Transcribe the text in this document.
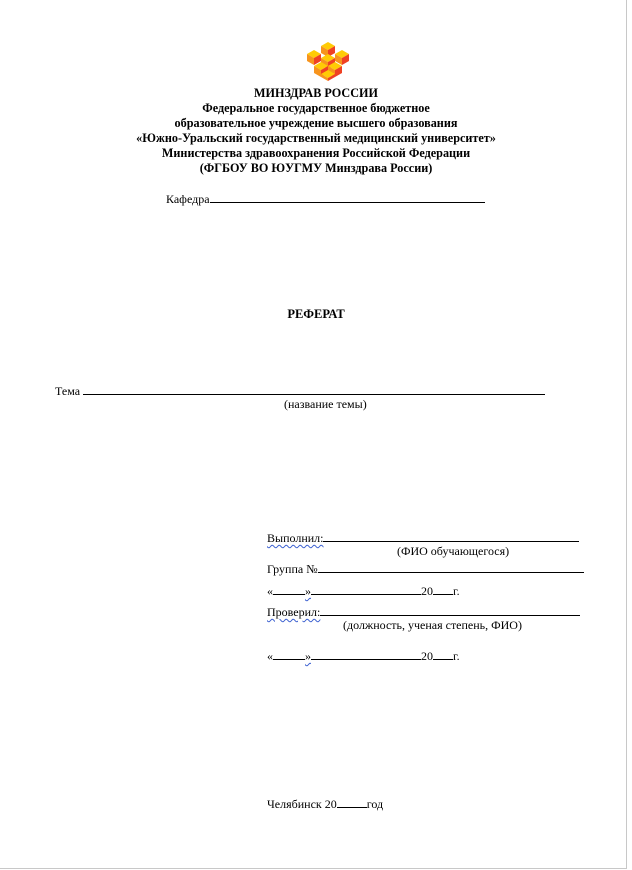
МИНЗДРАВ РОССИИ
Федеральное государственное бюджетное
образовательное учреждение высшего образования
«Южно-Уральский государственный медицинский университет»
Министерства здравоохранения Российской Федерации
(ФГБОУ ВО ЮУГМУ Минздрава России)
Кафедра
РЕФЕРАТ
Тема
(название темы)
Выполнил:
(ФИО обучающегося)
Группа №
«	»	20 г.
Проверил:
(должность, ученая степень, ФИО)
«	»	20 г.
Челябинск 20	год
